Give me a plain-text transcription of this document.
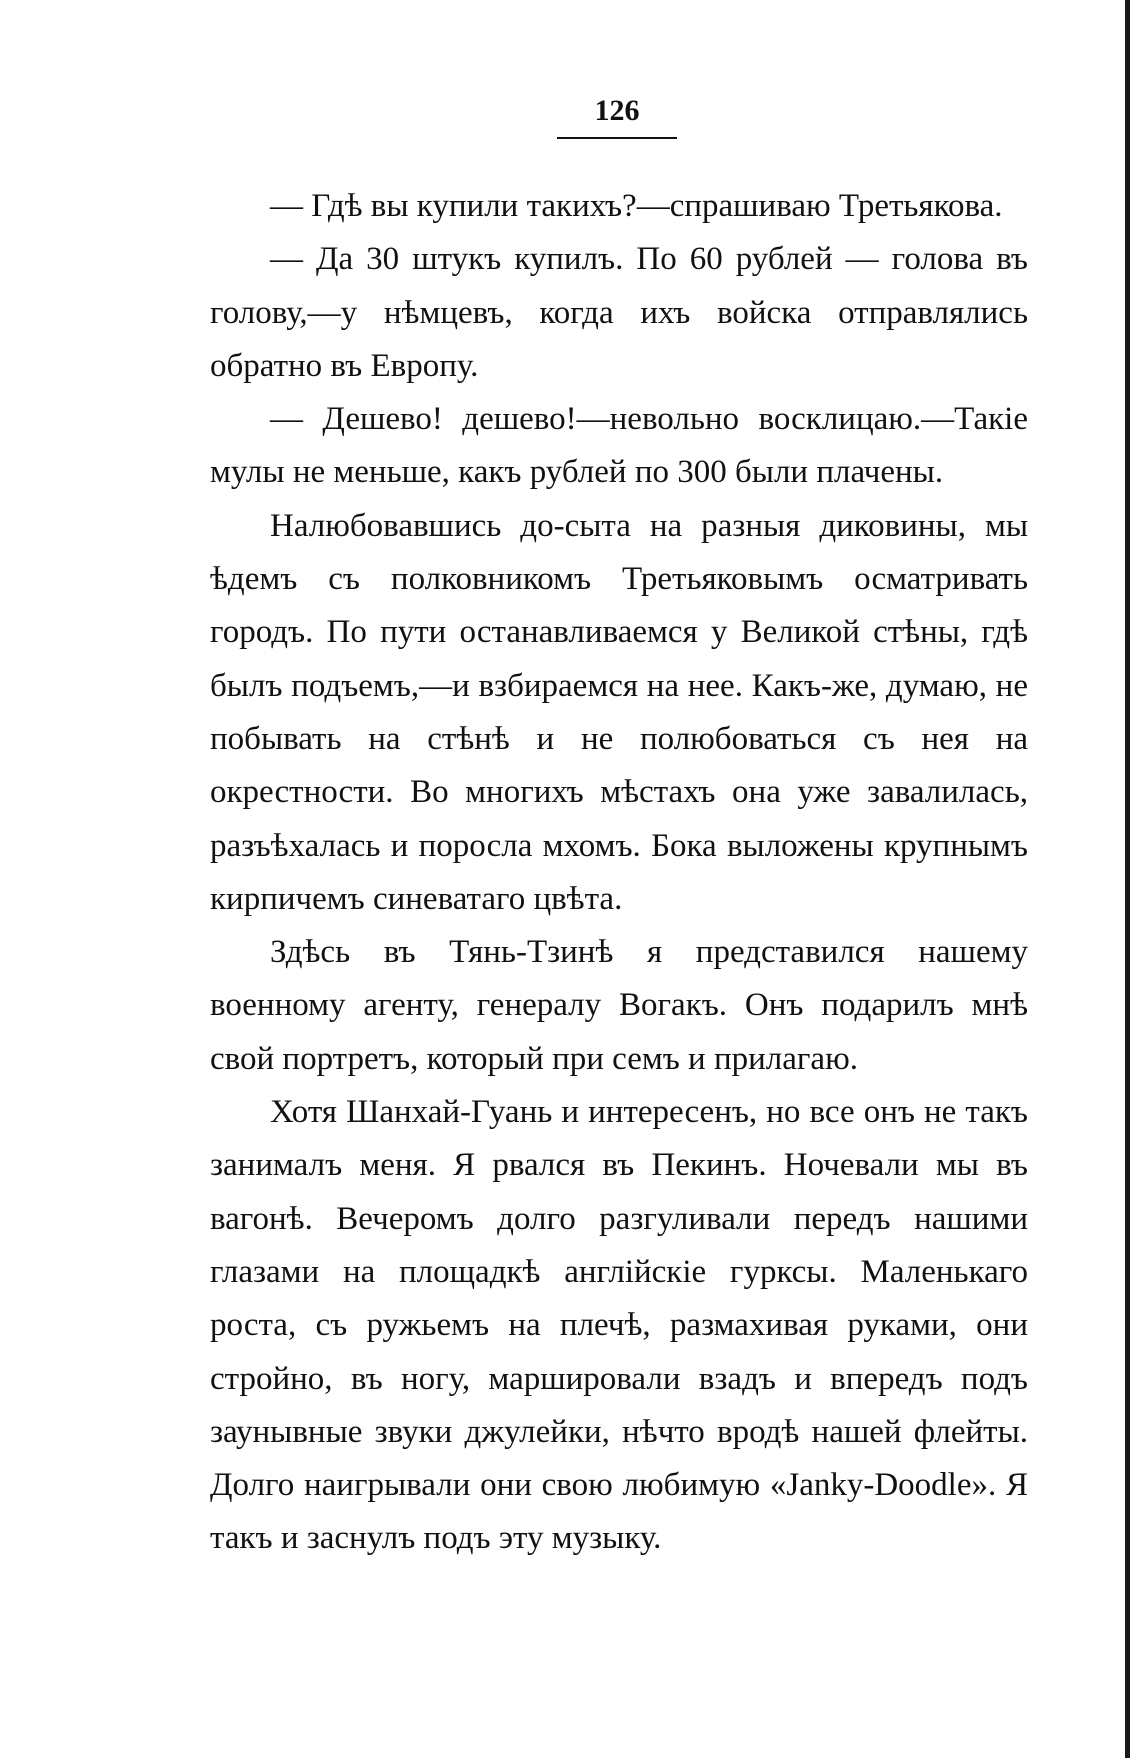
126

— Гдѣ вы купили такихъ?—спрашиваю Третьякова.

— Да 30 штукъ купилъ. По 60 рублей — голова въ голову,—у нѣмцевъ, когда ихъ войска отправлялись обратно въ Европу.

— Дешево! дешево!—невольно восклицаю.—Такіе мулы не меньше, какъ рублей по 300 были плачены.

Налюбовавшись до-сыта на разныя диковины, мы ѣдемъ съ полковникомъ Третьяковымъ осматривать городъ. По пути останавливаемся у Великой стѣны, гдѣ былъ подъемъ,—и взбираемся на нее. Какъ-же, думаю, не побывать на стѣнѣ и не полюбоваться съ нея на окрестности. Во многихъ мѣстахъ она уже завалилась, разъѣхалась и поросла мхомъ. Бока выложены крупнымъ кирпичемъ синеватаго цвѣта.

Здѣсь въ Тянь-Тзинѣ я представился нашему военному агенту, генералу Вогакъ. Онъ подарилъ мнѣ свой портретъ, который при семъ и прилагаю.

Хотя Шанхай-Гуань и интересенъ, но все онъ не такъ занималъ меня. Я рвался въ Пекинъ. Ночевали мы въ вагонѣ. Вечеромъ долго разгуливали передъ нашими глазами на площадкѣ англійскіе гурксы. Маленькаго роста, съ ружьемъ на плечѣ, размахивая руками, они стройно, въ ногу, маршировали взадъ и впередъ подъ заунывные звуки джулейки, нѣчто вродѣ нашей флейты. Долго наигрывали они свою любимую «Janky-Doodle». Я такъ и заснулъ подъ эту музыку.
